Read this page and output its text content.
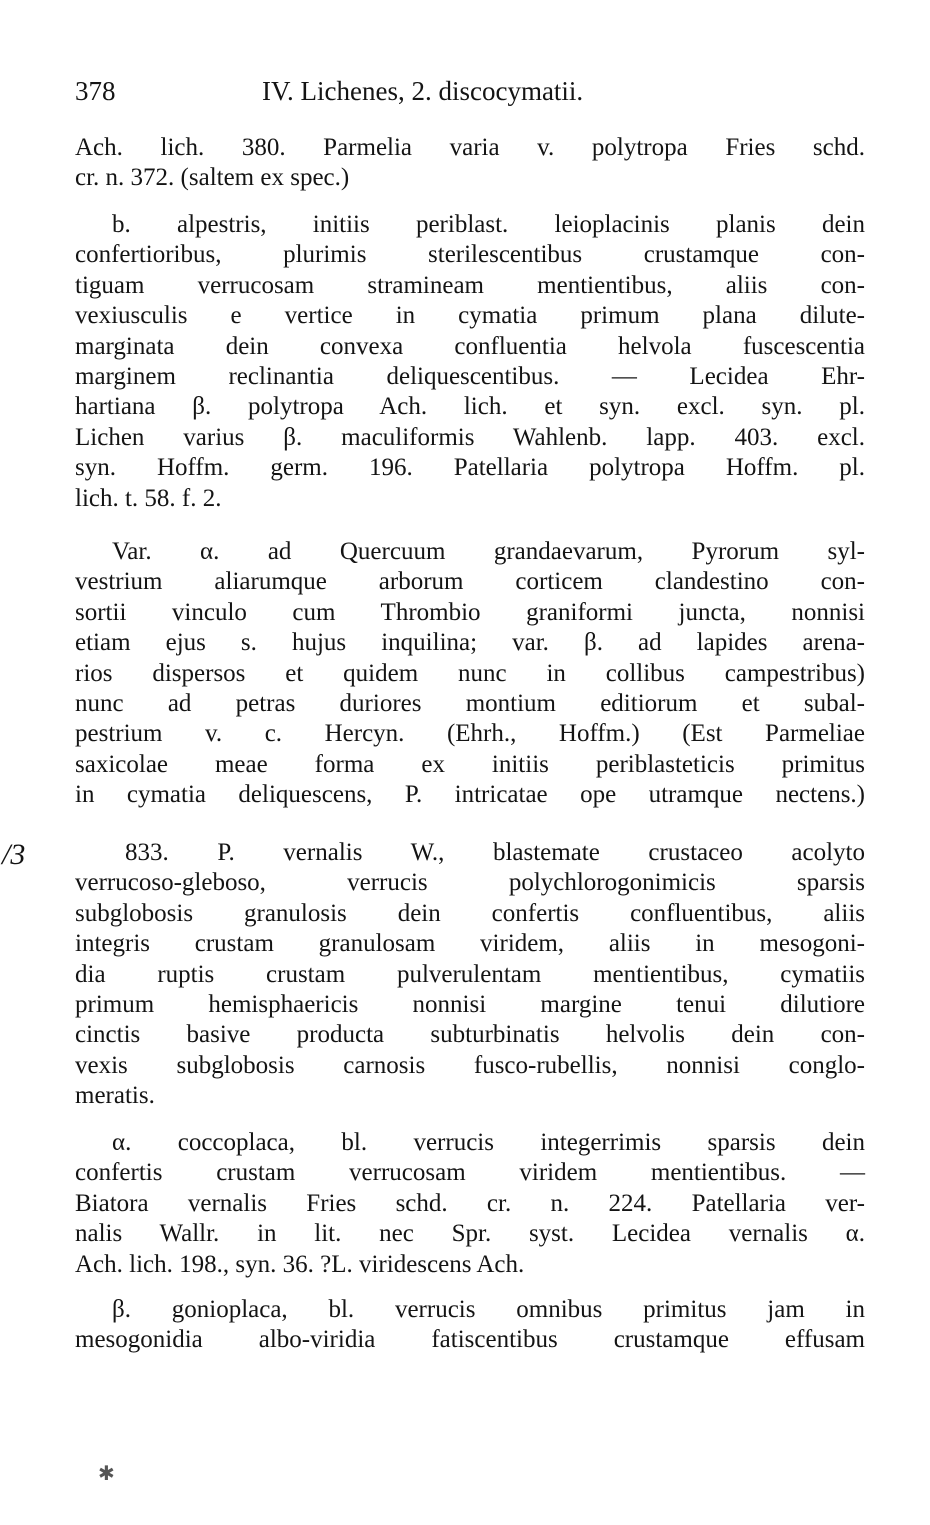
378	IV. Lichenes, 2. discocymatii.
/3
Ach. lich. 380. Parmelia varia v. polytropa Fries schd.
cr. n. 372. (saltem ex spec.)
b. alpestris, initiis periblast. leioplacinis planis dein
confertioribus, plurimis sterilescentibus crustamque con-
tiguam verrucosam stramineam mentientibus, aliis con-
vexiusculis e vertice in cymatia primum plana dilute-
marginata dein convexa confluentia helvola fuscescentia
marginem reclinantia deliquescentibus. — Lecidea Ehr-
hartiana β. polytropa Ach. lich. et syn. excl. syn. pl.
Lichen varius β. maculiformis Wahlenb. lapp. 403. excl.
syn. Hoffm. germ. 196. Patellaria polytropa Hoffm. pl.
lich. t. 58. f. 2.
Var. α. ad Quercuum grandaevarum, Pyrorum syl-
vestrium aliarumque arborum corticem clandestino con-
sortii vinculo cum Thrombio graniformi juncta, nonnisi
etiam ejus s. hujus inquilina; var. β. ad lapides arena-
rios dispersos et quidem nunc in collibus campestribus)
nunc ad petras duriores montium editiorum et subal-
pestrium v. c. Hercyn. (Ehrh., Hoffm.) (Est Parmeliae
saxicolae meae forma ex initiis periblasteticis primitus
in cymatia deliquescens, P. intricatae ope utramque nectens.)
833. P. vernalis W., blastemate crustaceo acolyto
verrucoso-gleboso, verrucis polychlorogonimicis sparsis
subglobosis granulosis dein confertis confluentibus, aliis
integris crustam granulosam viridem, aliis in mesogoni-
dia ruptis crustam pulverulentam mentientibus, cymatiis
primum hemisphaericis nonnisi margine tenui dilutiore
cinctis basive producta subturbinatis helvolis dein con-
vexis subglobosis carnosis fusco-rubellis, nonnisi conglo-
meratis.
α. coccoplaca, bl. verrucis integerrimis sparsis dein
confertis crustam verrucosam viridem mentientibus. —
Biatora vernalis Fries schd. cr. n. 224. Patellaria ver-
nalis Wallr. in lit. nec Spr. syst. Lecidea vernalis α.
Ach. lich. 198., syn. 36. ?L. viridescens Ach.
β. gonioplaca, bl. verrucis omnibus primitus jam in
mesogonidia albo-viridia fatiscentibus crustamque effusam
✱
